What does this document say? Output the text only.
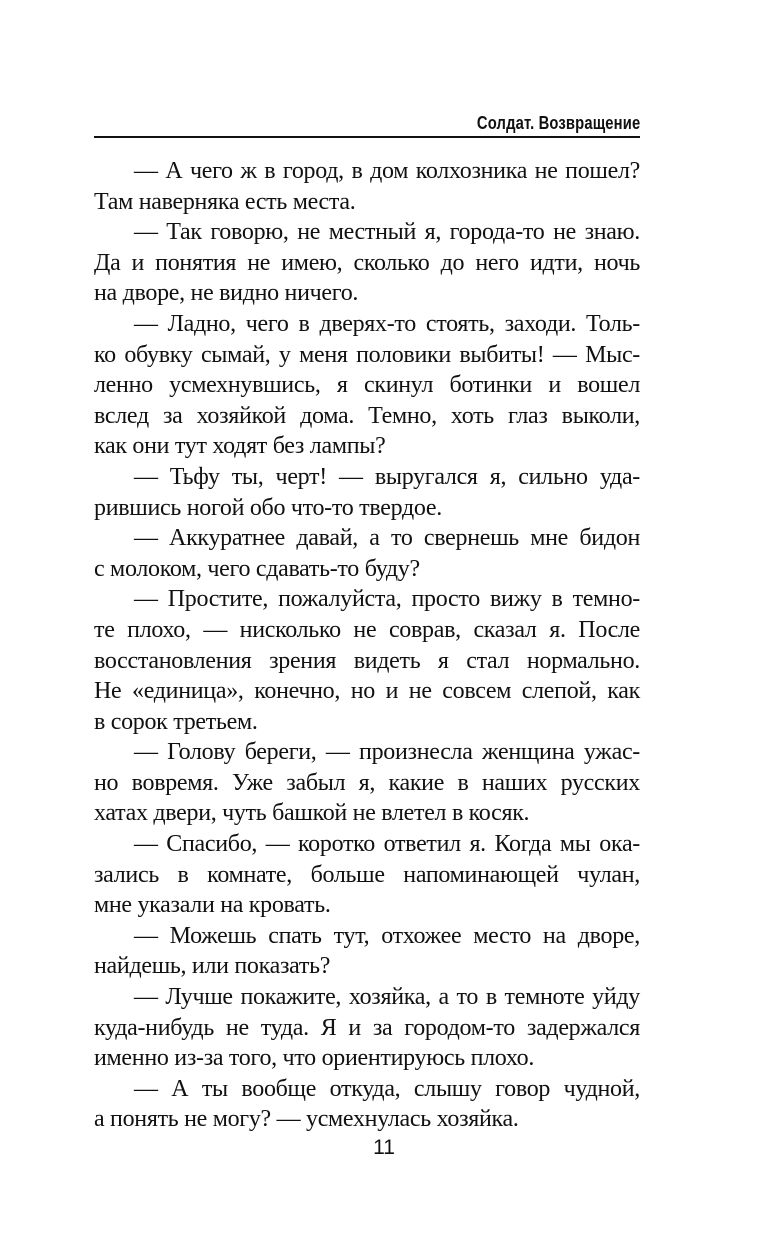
Солдат. Возвращение
— А чего ж в город, в дом колхозника не пошел?
Там наверняка есть места.
— Так говорю, не местный я, города-то не знаю.
Да и понятия не имею, сколько до него идти, ночь
на дворе, не видно ничего.
— Ладно, чего в дверях-то стоять, заходи. Толь-
ко обувку сымай, у меня половики выбиты! — Мыс-
ленно усмехнувшись, я скинул ботинки и вошел
вслед за хозяйкой дома. Темно, хоть глаз выколи,
как они тут ходят без лампы?
— Тьфу ты, черт! — выругался я, сильно уда-
рившись ногой обо что-то твердое.
— Аккуратнее давай, а то свернешь мне бидон
с молоком, чего сдавать-то буду?
— Простите, пожалуйста, просто вижу в темно-
те плохо, — нисколько не соврав, сказал я. После
восстановления зрения видеть я стал нормально.
Не «единица», конечно, но и не совсем слепой, как
в сорок третьем.
— Голову береги, — произнесла женщина ужас-
но вовремя. Уже забыл я, какие в наших русских
хатах двери, чуть башкой не влетел в косяк.
— Спасибо, — коротко ответил я. Когда мы ока-
зались в комнате, больше напоминающей чулан,
мне указали на кровать.
— Можешь спать тут, отхожее место на дворе,
найдешь, или показать?
— Лучше покажите, хозяйка, а то в темноте уйду
куда-нибудь не туда. Я и за городом-то задержался
именно из-за того, что ориентируюсь плохо.
— А ты вообще откуда, слышу говор чудной,
а понять не могу? — усмехнулась хозяйка.
11
